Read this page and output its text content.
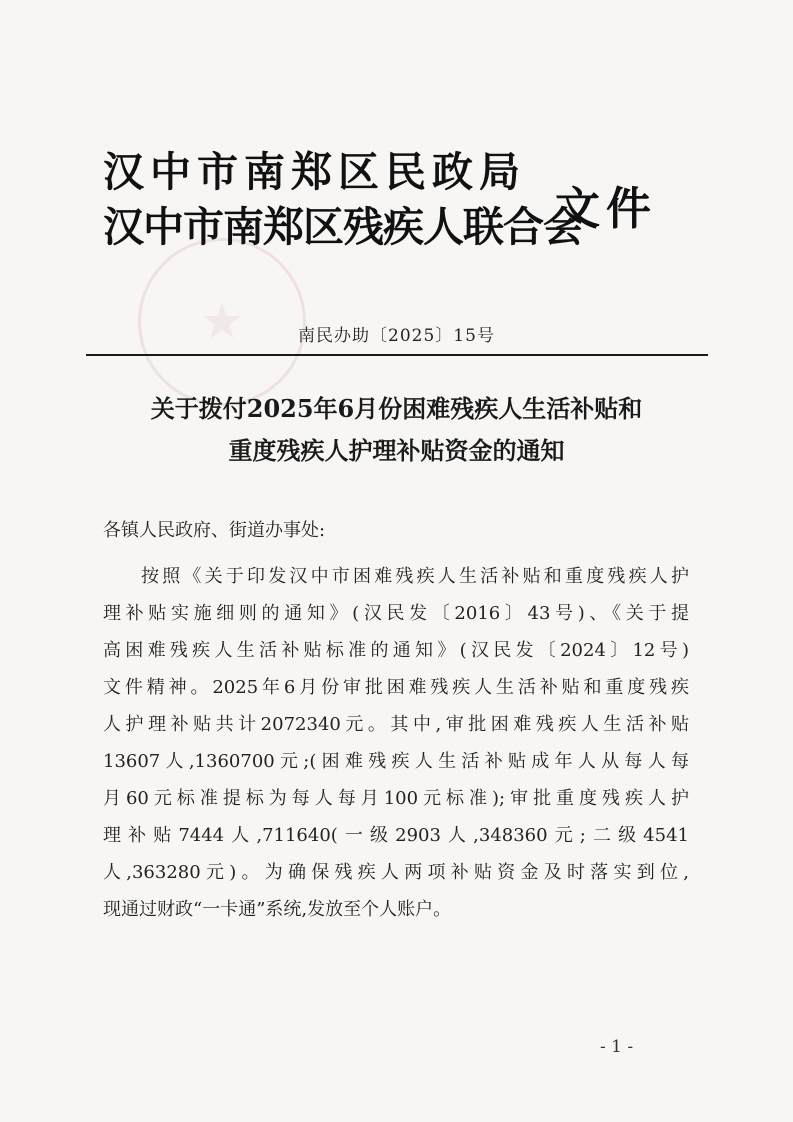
汉中市南郑区民政局
汉中市南郑区残疾人联合会
文件
南民办助〔2025〕15号
关于拨付2025年6月份困难残疾人生活补贴和
重度残疾人护理补贴资金的通知
各镇人民政府、街道办事处:
按照《关于印发汉中市困难残疾人生活补贴和重度残疾人护
理补贴实施细则的通知》(汉民发〔2016〕43号)、《关于提
高困难残疾人生活补贴标准的通知》(汉民发〔2024〕12号)
文件精神。2025年6月份审批困难残疾人生活补贴和重度残疾
人护理补贴共计2072340元。其中,审批困难残疾人生活补贴
13607人,1360700元;(困难残疾人生活补贴成年人从每人每
月60元标准提标为每人每月100元标准);审批重度残疾人护
理补贴7444人,711640(一级2903人,348360元;二级4541
人,363280元)。为确保残疾人两项补贴资金及时落实到位,
现通过财政“一卡通”系统,发放至个人账户。
- 1 -
